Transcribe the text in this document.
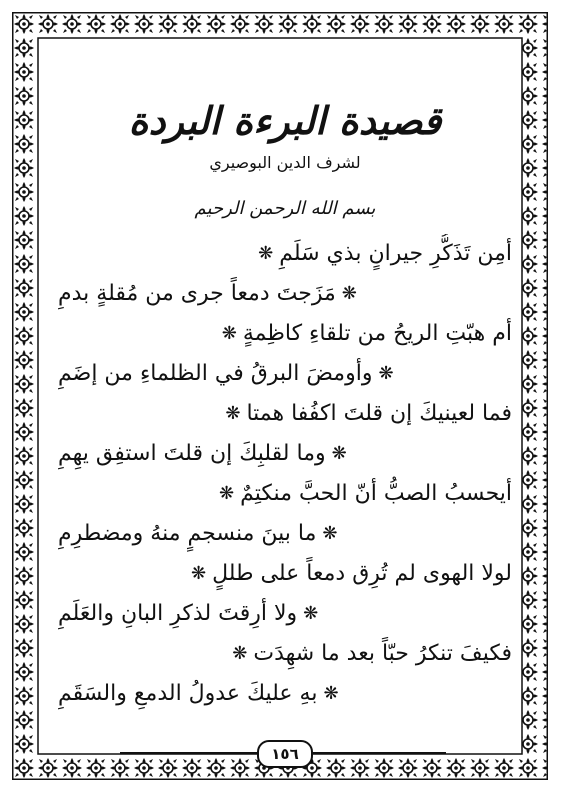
قصيدة البرءة البردة
لشرف الدين البوصيري
بسم الله الرحمن الرحيم
أمِن تَذَكُّرِ جيرانٍ بذي سَلَمِ❋
❋مَزَجتَ دمعاً جرى من مُقلةٍ بدمِ
أم هبّتِ الريحُ من تلقاءِ كاظِمةٍ❋
❋وأومضَ البرقُ في الظلماءِ من إضَمِ
فما لعينيكَ إن قلتَ اكفُفا همتا❋
❋وما لقلبِكَ إن قلتَ استفِق يهِمِ
أيحسبُ الصبُّ أنّ الحبَّ منكتِمٌ❋
❋ما بينَ منسجمٍ منهُ ومضطرِمِ
لولا الهوى لم تُرِق دمعاً على طللٍ❋
❋ولا أرِقتَ لذكرِ البانِ والعَلَمِ
فكيفَ تنكرُ حبّاً بعد ما شهِدَت❋
❋بهِ عليكَ عدولُ الدمعِ والسَقَمِ
١٥٦
